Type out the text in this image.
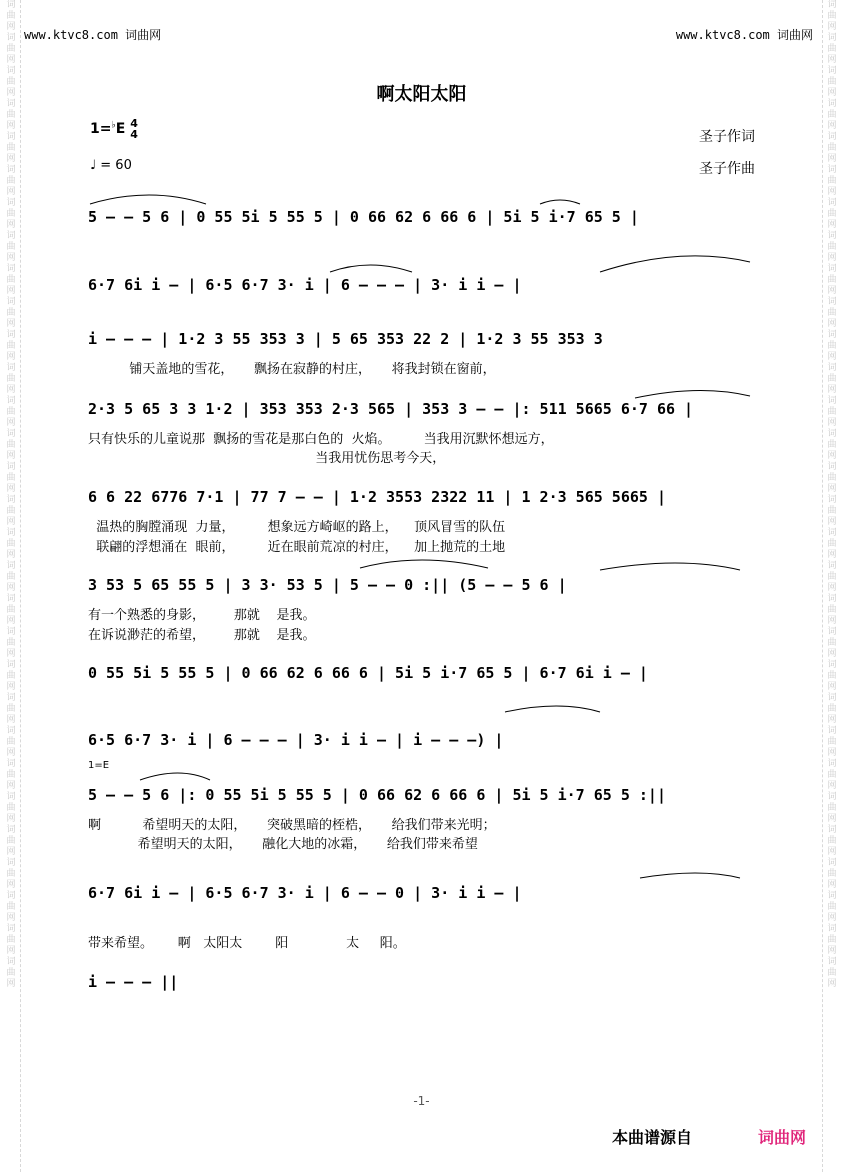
词
曲
网
词
曲
网
词
曲
网
词
曲
网
词
曲
网
词
曲
网
词
曲
网
词
曲
网
词
曲
网
词
曲
网
词
曲
网
词
曲
网
词
曲
网
词
曲
网
词
曲
网
词
曲
网
词
曲
网
词
曲
网
词
曲
网
词
曲
网
词
曲
网
词
曲
网
词
曲
网
词
曲
网
词
曲
网
词
曲
网
词
曲
网
词
曲
网
词
曲
网
词
曲
网
词
曲
网
词
曲
网
词
曲
网
词
曲
网
词
曲
网
词
曲
网
词
曲
网
词
曲
网
词
曲
网
词
曲
网
词
曲
网
词
曲
网
词
曲
网
词
曲
网
词
曲
网
词
曲
网
词
曲
网
词
曲
网
词
曲
网
词
曲
网
词
曲
网
词
曲
网
词
曲
网
词
曲
网
词
曲
网
词
曲
网
词
曲
网
词
曲
网
词
曲
网
词
曲
网
www.ktvc8.com 词曲网	www.ktvc8.com 词曲网
啊太阳太阳
1=♭E 4
4
♩ = 60
圣子作词
圣子作曲
5 — — 5 6 | 0 55 5i 5 55 5 | 0 66 62 6 66 6 | 5i 5 i·7 65 5 |
6·7 6i i — | 6·5 6·7 3· i | 6 — — — | 3· i i — |
i — — — | 1·2 3 55 353 3 | 5 65 353 22 2 | 1·2 3 55 353 3
铺天盖地的雪花，     飘扬在寂静的村庄，     将我封锁在窗前，
2·3 5 65 3 3 1·2 | 353 353 2·3 565 | 353 3 — — |: 511 5665 6·7 66 |
只有快乐的儿童说那  飘扬的雪花是那白色的  火焰。        当我用沉默怀想远方，
当我用忧伤思考今天，
6 6 22 6776 7·1 | 77 7 — — | 1·2 3553 2322 11 | 1 2·3 565 5665 |
温热的胸膛涌现  力量，        想象远方崎岖的路上，    顶风冒雪的队伍
联翩的浮想涌在  眼前，        近在眼前荒凉的村庄，    加上抛荒的土地
3 53 5 65 55 5 | 3 3· 53 5 | 5 — — 0 :|| (5 — — 5 6 |
有一个熟悉的身影，       那就    是我。
在诉说渺茫的希望，       那就    是我。
0 55 5i 5 55 5 | 0 66 62 6 66 6 | 5i 5 i·7 65 5 | 6·7 6i i — |
6·5 6·7 3· i | 6 — — — | 3· i i — | i — — —) |
1=E
5 — — 5 6 |: 0 55 5i 5 55 5 | 0 66 62 6 66 6 | 5i 5 i·7 65 5 :||
啊          希望明天的太阳，     突破黑暗的桎梏，     给我们带来光明；
希望明天的太阳，     融化大地的冰霜，     给我们带来希望
6·7 6i i — | 6·5 6·7 3· i | 6 — — 0 | 3· i i — |
带来希望。      啊   太阳太        阳              太     阳。
i — — — ||
-1-
本曲谱源自	词曲网
